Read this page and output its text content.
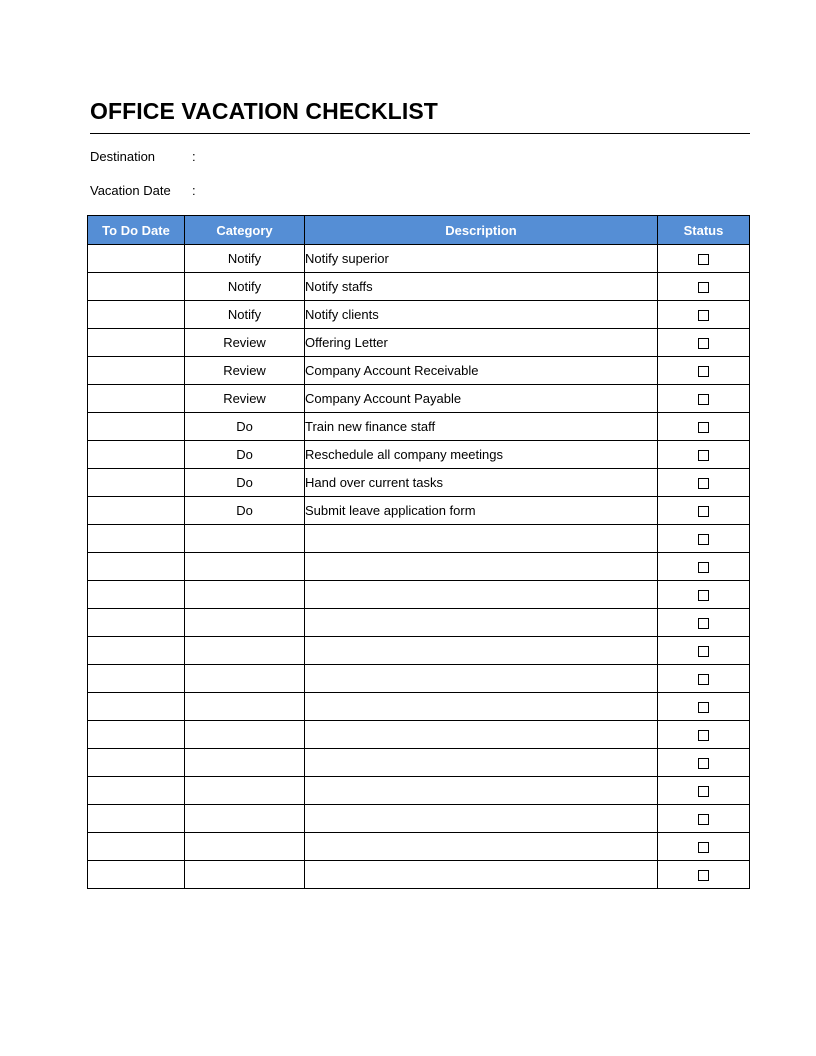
OFFICE VACATION CHECKLIST
Destination	:
Vacation Date :
To Do Date	Category	Description	Status
	Notify	Notify superior	
	Notify	Notify staffs	
	Notify	Notify clients	
	Review	Offering Letter	
	Review	Company Account Receivable	
	Review	Company Account Payable	
	Do	Train new finance staff	
	Do	Reschedule all company meetings	
	Do	Hand over current tasks	
	Do	Submit leave application form	
